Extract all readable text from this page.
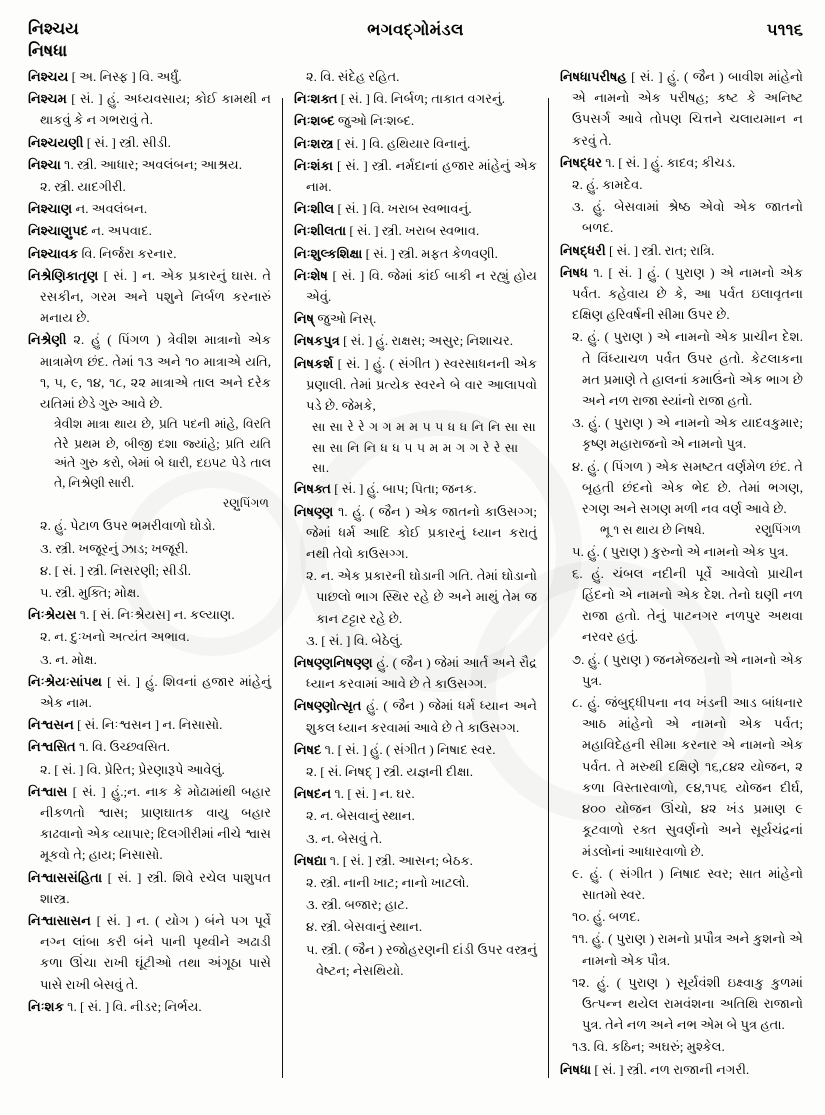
નિશ્ચય
નિષધા
ભગવદ્ગોમંડલ	૫૧૧૬

નિશ્ચય [ અ. નિસ્ફ ] વિ. અર્ધું.

નિશ્ચમ [ સં. ] હું. અધ્યવસાય; કોઈ કામથી ન થાકવું કે ન ગભરાવું તે.

નિશ્ચયણી [ સં. ] સ્ત્રી. સીડી.

નિશ્ચા ૧. સ્ત્રી. આધાર; અવલંબન; આશ્રય.

૨. સ્ત્રી. યાદગીરી.

નિશ્ચાણ ન. અવલંબન.

નિશ્ચાણુપદ ન. અપવાદ.

નિશ્ચાવક વિ. નિર્જરા કરનાર.

નિશ્રેણિકાતૃણ [ સં. ] ન. એક પ્રકારનું ઘાસ. તે રસકીન, ગરમ અને પશુને નિર્બળ કરનારું મનાય છે.

નિશ્રેણી ૨. હું ( પિંગળ ) ત્રેવીશ માત્રાનો એક માત્રામેળ છંદ. તેમાં ૧૩ અને ૧૦ માત્રાએ યતિ, ૧, ૫, ૯, ૧૪, ૧૮, ૨૨ માત્રાએ તાલ અને દરેક યતિમાં છેડે ગુરુ આવે છે.

ત્રેવીશ માત્રા થાય છે, પ્રતિ પદની માંહે, વિરતિ તેરે પ્રથમ છે, બીજી દશા જ્યાંહે; પ્રતિ યતિ અંતે ગુરુ કરો, બેમાં બે ધારી, દઇપટ પેડે તાલ તે, નિશ્રેણી સારી.

રણુપિંગળ

૨. હું. પેટાળ ઉપર ભમરીવાળો ઘોડો.

૩. સ્ત્રી. ખજૂરનું ઝાડ; ખજૂરી.

૪. [ સં. ] સ્ત્રી. નિસરણી; સીડી.

૫. સ્ત્રી. મુક્તિ; મોક્ષ.

નિઃશ્રેયસ ૧. [ સં. નિઃશ્રેયસ] ન. કલ્યાણ.

૨. ન. દુઃખનો અત્યંત અભાવ.

૩. ન. મોક્ષ.

નિઃશ્રેયઃસાંપથ [ સં. ] હું. શિવનાં હજાર માંહેનું એક નામ.

નિશ્વસન [ સં. નિઃશ્વસન ] ન. નિસાસો.

નિશ્વસિત ૧. વિ. ઉચ્છ્વસિત.

૨. [ સં. ] વિ. પ્રેરિત; પ્રેરણારૂપે આવેલું.

નિશ્વાસ [ સં. ] હું.;ન. નાક કે મોઢામાંથી બહાર નીકળતો શ્વાસ; પ્રાણઘાતક વાયુ બહાર કાઢવાનો એક વ્યાપાર; દિલગીરીમાં નીચે શ્વાસ મૂકવો તે; હાય; નિસાસો.

નિશ્વાસસંહિતા [ સં. ] સ્ત્રી. શિવે રચેલ પાશુપત શાસ્ત્ર.

નિશ્વાસાસન [ સં. ] ન. ( યોગ ) બંને પગ પૂર્વે નગ્ન લાંબા કરી બંને પાની પૃથ્વીને અઢાડી કળા ઊંચા રાખી ઘૂંટીઓ તથા અંગૂઠા પાસે પાસે રાખી બેસવું તે.

નિઃશક ૧. [ સં. ] વિ. નીડર; નિર્ભય.

૨. વિ. સંદેહ રહિત.

નિઃશક્ત [ સં. ] વિ. નિર્બળ; તાકાત વગરનું.

નિઃશબ્દ જુઓ નિઃશબ્દ.

નિઃશસ્ત્ર [ સં. ] વિ. હથિયાર વિનાનું.

નિઃશંકા [ સં. ] સ્ત્રી. નર્મદાનાં હજાર માંહેનું એક નામ.

નિઃશીલ [ સં. ] વિ. ખરાબ સ્વભાવનું.

નિઃશીલતા [ સં. ] સ્ત્રી. ખરાબ સ્વભાવ.

નિઃશુલ્કશિક્ષા [ સં. ] સ્ત્રી. મફત કેળવણી.

નિઃશેષ [ સં. ] વિ. જેમાં કાંઈ બાકી ન રહ્યું હોય એવું.

નિષ્ જુઓ નિસ્.

નિષકપુત્ર [ સં. ] હું. રાક્ષસ; અસુર; નિશાચર.

નિષકર્શ [ સં. ] હું. ( સંગીત ) સ્વરસાધનની એક પ્રણાલી. તેમાં પ્રત્યેક સ્વરને બે વાર આલાપવો પડે છે. જેમકે,

સા સા રે રે ગ ગ મ મ ૫ ૫ ધ ધ નિ નિ સા સા સા સા નિ નિ ધ ધ ૫ ૫ મ મ ગ ગ રે રે સા સા.

નિષક્ત [ સં. ] હું. બાપ; પિતા; જનક.

નિષણ્ણ ૧. હું. ( જૈન ) એક જાતનો કાઉસગ્ગ; જેમાં ધર્મ આદિ કોઈ પ્રકારનું ધ્યાન કરાતું નથી તેવો કાઉસગ્ગ.

૨. ન. એક પ્રકારની ઘોડાની ગતિ. તેમાં ઘોડાનો પાછલો ભાગ સ્થિર રહે છે અને માથું તેમ જ કાન ટટ્ટાર રહે છે.

૩. [ સં. ] વિ. બેઠેલું.

નિષણ્ણનિષણ્ણ હું. ( જૈન ) જેમાં આર્ત અને રૌદ્ર ધ્યાન કરવામાં આવે છે તે કાઉસગ્ગ.

નિષણ્ણોત્સૃત હું. ( જૈન ) જેમાં ધર્મ ધ્યાન અને શુકલ ધ્યાન કરવામાં આવે છે તે કાઉસગ્ગ.

નિષદ ૧. [ સં. ] હું. ( સંગીત ) નિષાદ સ્વર.

૨. [ સં. નિષદ્ ] સ્ત્રી. યજ્ઞની દીક્ષા.

નિષદન ૧. [ સં. ] ન. ઘર.

૨. ન. બેસવાનું સ્થાન.

૩. ન. બેસવું તે.

નિષદ્યા ૧. [ સં. ] સ્ત્રી. આસન; બેઠક.

૨. સ્ત્રી. નાની ખાટ; નાનો ખાટલો.

૩. સ્ત્રી. બજાર; હાટ.

૪. સ્ત્રી. બેસવાનું સ્થાન.

૫. સ્ત્રી. ( જૈન ) રજોહરણની દાંડી ઉપર વસ્ત્રનું વેષ્ટન; નેસથિયો.

નિષધાપરીષહ [ સં. ] હું. ( જૈન ) બાવીશ માંહેનો એ નામનો એક પરીષહ; કષ્ટ કે અનિષ્ટ ઉપસર્ગ આવે તોપણ ચિત્તને ચલાયમાન ન કરવું તે.

નિષદ્ધર ૧. [ સં. ] હું. કાદવ; કીચડ.

૨. હું. કામદેવ.

૩. હું. બેસવામાં શ્રેષ્ઠ એવો એક જાતનો બળદ.

નિષદ્ધરી [ સં. ] સ્ત્રી. રાત; રાત્રિ.

નિષધ ૧. [ સં. ] હું. ( પુરાણ ) એ નામનો એક પર્વત. કહેવાય છે કે, આ પર્વત ઇલાવૃતના દક્ષિણ હરિવર્ષની સીમા ઉપર છે.

૨. હું. ( પુરાણ ) એ નામનો એક પ્રાચીન દેશ. તે વિંધ્યાચળ પર્વત ઉપર હતો. કેટલાકના મત પ્રમાણે તે હાલનાં કમાઉંનો એક ભાગ છે અને નળ રાજા સ્યાંનો રાજા હતો.

૩. હું. ( પુરાણ ) એ નામનો એક યાદવકુમાર; કૃષ્ણ મહારાજનો એ નામનો પુત્ર.

૪. હું. ( પિંગળ ) એક સમષ્ટત વર્ણમેળ છંદ. તે બૃહતી છંદનો એક ભેદ છે. તેમાં ભગણ, રગણ અને સગણ મળી નવ વર્ણ આવે છે.

ભૂ ૧ સ થાય છે નિષધે.	રણુપિંગળ

૫. હું. ( પુરાણ ) કુરુનો એ નામનો એક પુત્ર.

૬. હું. ચંબલ નદીની પૂર્વે આવેલો પ્રાચીન હિંદનો એ નામનો એક દેશ. તેનો ઘણી નળ રાજા હતો. તેનું પાટનગર નળપુર અથવા નરવર હતું.

૭. હું. ( પુરાણ ) જનમેજયનો એ નામનો એક પુત્ર.

૮. હું. જંબુદ્ધીપના નવ ખંડની આડ બાંધનાર આઠ માંહેનો એ નામનો એક પર્વત; મહાવિદેહની સીમા કરનાર એ નામનો એક પર્વત. તે મરુથી દક્ષિણે ૧૬,૮૪૨ યોજન, ૨ કળા વિસ્તારવાળો, ૯૪,૧૫૬ યોજન દીર્ઘ, ૪૦૦ યોજન ઊંચો, ૪૨ ખંડ પ્રમાણ ૯ કૂટવાળો રક્ત સુવર્ણનો અને સૂર્યચંદ્રનાં મંડલોનાં આધારવાળો છે.

૯. હું. ( સંગીત ) નિષાદ સ્વર; સાત માંહેનો સાતમો સ્વર.

૧૦. હું. બળદ.

૧૧. હું. ( પુરાણ ) રામનો પ્રપૌત્ર અને કુશનો એ નામનો એક પૌત્ર.

૧૨. હું. ( પુરાણ ) સૂર્યવંશી ઇક્ષ્વાકુ કુળમાં ઉત્પન્ન થયેલ રામવંશના અતિથિ રાજાનો પુત્ર. તેને નળ અને નભ એમ બે પુત્ર હતા.

૧૩. વિ. કઠિન; અઘરું; મુશ્કેલ.

નિષધા [ સં. ] સ્ત્રી. નળ રાજાની નગરી.
